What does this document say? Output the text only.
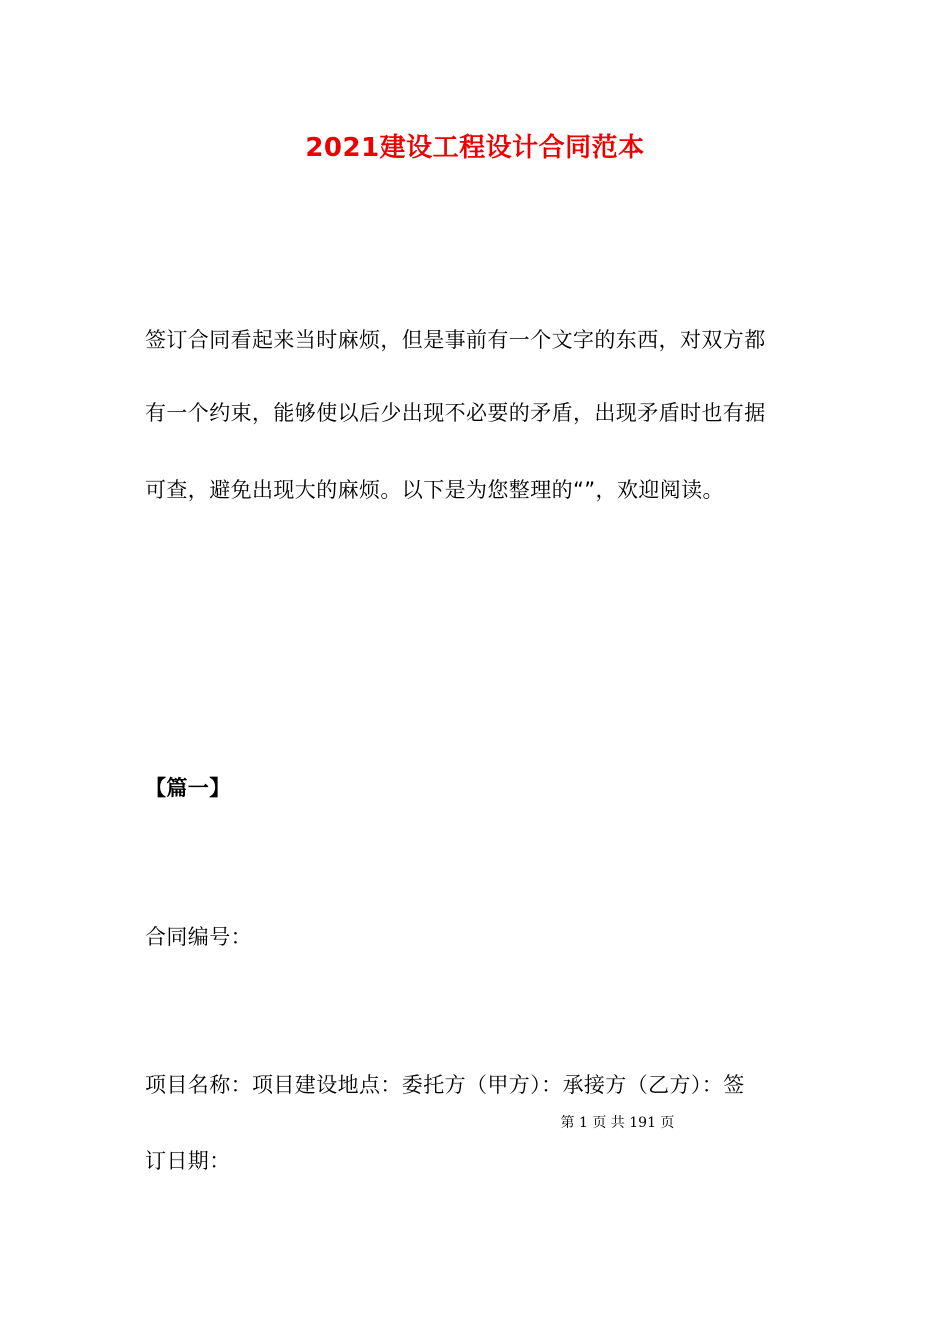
2021建设工程设计合同范本
签订合同看起来当时麻烦，但是事前有一个文字的东西，对双方都
有一个约束，能够使以后少出现不必要的矛盾，出现矛盾时也有据
可查，避免出现大的麻烦。以下是为您整理的“”，欢迎阅读。
【篇一】
合同编号：
项目名称：项目建设地点：委托方（甲方）：承接方（乙方）：签
第 1 页 共 191 页
订日期：
